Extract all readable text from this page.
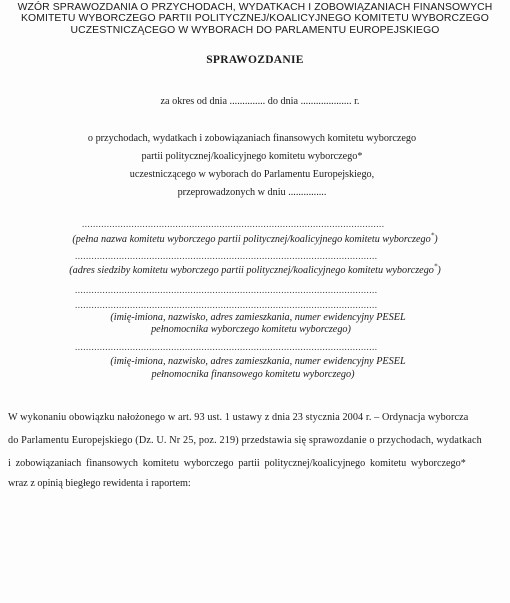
WZÓR SPRAWOZDANIA O PRZYCHODACH, WYDATKACH I ZOBOWIĄZANIACH FINANSOWYCH
KOMITETU WYBORCZEGO PARTII POLITYCZNEJ/KOALICYJNEGO KOMITETU WYBORCZEGO
UCZESTNICZĄCEGO W WYBORACH DO PARLAMENTU EUROPEJSKIEGO
SPRAWOZDANIE
za okres od dnia .............. do dnia .................... r.
o przychodach, wydatkach i zobowiązaniach finansowych komitetu wyborczego
partii politycznej/koalicyjnego komitetu wyborczego*
uczestniczącego w wyborach do Parlamentu Europejskiego,
przeprowadzonych w dniu ...............
..............................................................................................................
(pełna nazwa komitetu wyborczego partii politycznej/koalicyjnego komitetu wyborczego*)
..............................................................................................................
(adres siedziby komitetu wyborczego partii politycznej/koalicyjnego komitetu wyborczego*)
..............................................................................................................
..............................................................................................................
(imię-imiona, nazwisko, adres zamieszkania, numer ewidencyjny PESEL
pełnomocnika wyborczego komitetu wyborczego)
..............................................................................................................
(imię-imiona, nazwisko, adres zamieszkania, numer ewidencyjny PESEL
pełnomocnika finansowego komitetu wyborczego)
W wykonaniu obowiązku nałożonego w art. 93 ust. 1 ustawy z dnia 23 stycznia 2004 r. – Ordynacja wyborcza
do Parlamentu Europejskiego (Dz. U. Nr 25, poz. 219) przedstawia się sprawozdanie o przychodach, wydatkach
i zobowiązaniach finansowych komitetu wyborczego partii politycznej/koalicyjnego komitetu wyborczego*
wraz z opinią biegłego rewidenta i raportem:
